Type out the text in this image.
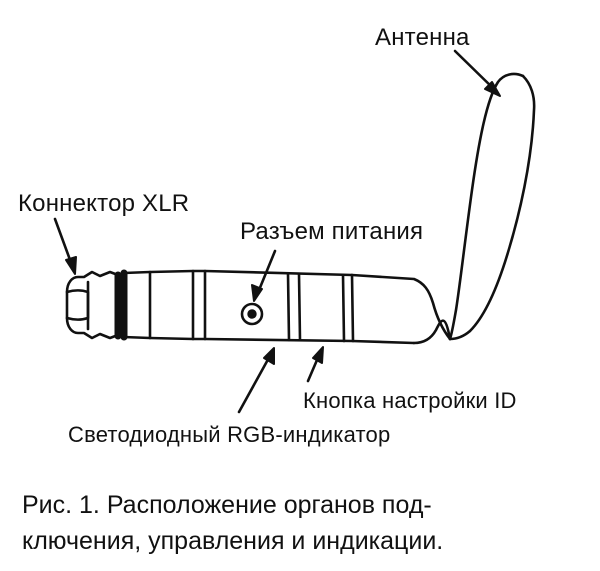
Антенна
Коннектор XLR
Разъем питания
Кнопка настройки ID
Светодиодный RGB-индикатор
Рис. 1. Расположение органов под-
ключения, управления и индикации.
